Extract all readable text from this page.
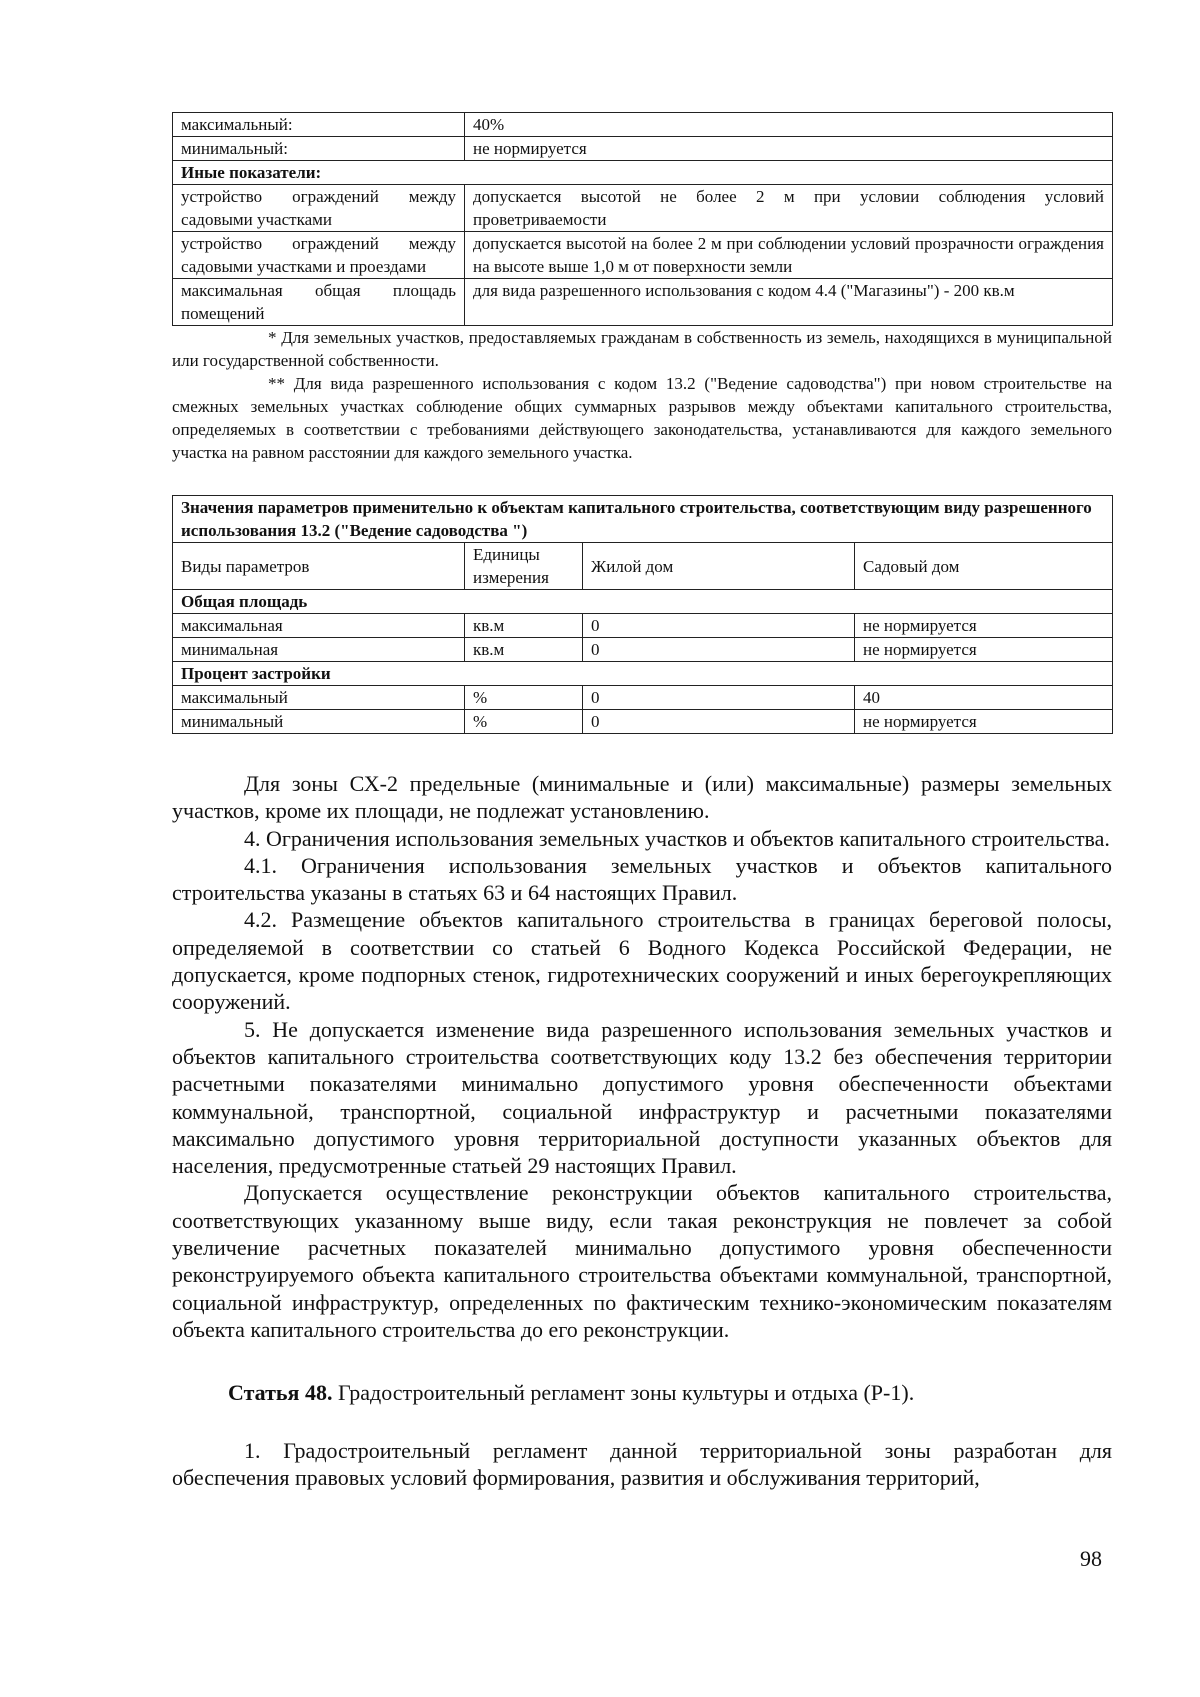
максимальный:	40%
минимальный:	не нормируется
Иные показатели:	
устройство ограждений между садовыми участками	допускается высотой не более 2 м при условии соблюдения условий проветриваемости
устройство ограждений между садовыми участками и проездами	допускается высотой на более 2 м при соблюдении условий прозрачности ограждения на высоте выше 1,0 м от поверхности земли
максимальная общая площадь помещений	для вида разрешенного использования с кодом 4.4 ("Магазины") - 200 кв.м

* Для земельных участков, предоставляемых гражданам в собственность из земель, находящихся в муниципальной или государственной собственности.

** Для вида разрешенного использования с кодом 13.2 ("Ведение садоводства") при новом строительстве на смежных земельных участках соблюдение общих суммарных разрывов между объектами капитального строительства, определяемых в соответствии с требованиями действующего законодательства, устанавливаются для каждого земельного участка на равном расстоянии для каждого земельного участка.

Значения параметров применительно к объектам капитального строительства, соответствующим виду разрешенного использования 13.2 ("Ведение садоводства ")			
Виды параметров	Единицы измерения	Жилой дом	Садовый дом
Общая площадь			
максимальная	кв.м	0	не нормируется
минимальная	кв.м	0	не нормируется
Процент застройки			
максимальный	%	0	40
минимальный	%	0	не нормируется

Для зоны СХ-2 предельные (минимальные и (или) максимальные) размеры земельных участков, кроме их площади, не подлежат установлению.

4. Ограничения использования земельных участков и объектов капитального строительства.

4.1. Ограничения использования земельных участков и объектов капитального строительства указаны в статьях 63 и 64 настоящих Правил.

4.2. Размещение объектов капитального строительства в границах береговой полосы, определяемой в соответствии со статьей 6 Водного Кодекса Российской Федерации, не допускается, кроме подпорных стенок, гидротехнических сооружений и иных берегоукрепляющих сооружений.

5. Не допускается изменение вида разрешенного использования земельных участков и объектов капитального строительства соответствующих коду 13.2 без обеспечения территории расчетными показателями минимально допустимого уровня обеспеченности объектами коммунальной, транспортной, социальной инфраструктур и расчетными показателями максимально допустимого уровня территориальной доступности указанных объектов для населения, предусмотренные статьей 29 настоящих Правил.

Допускается осуществление реконструкции объектов капитального строительства, соответствующих указанному выше виду, если такая реконструкция не повлечет за собой увеличение расчетных показателей минимально допустимого уровня обеспеченности реконструируемого объекта капитального строительства объектами коммунальной, транспортной, социальной инфраструктур, определенных по фактическим технико-экономическим показателям объекта капитального строительства до его реконструкции.

Статья 48. Градостроительный регламент зоны культуры и отдыха (Р-1).

1. Градостроительный регламент данной территориальной зоны разработан для обеспечения правовых условий формирования, развития и обслуживания территорий,

98
